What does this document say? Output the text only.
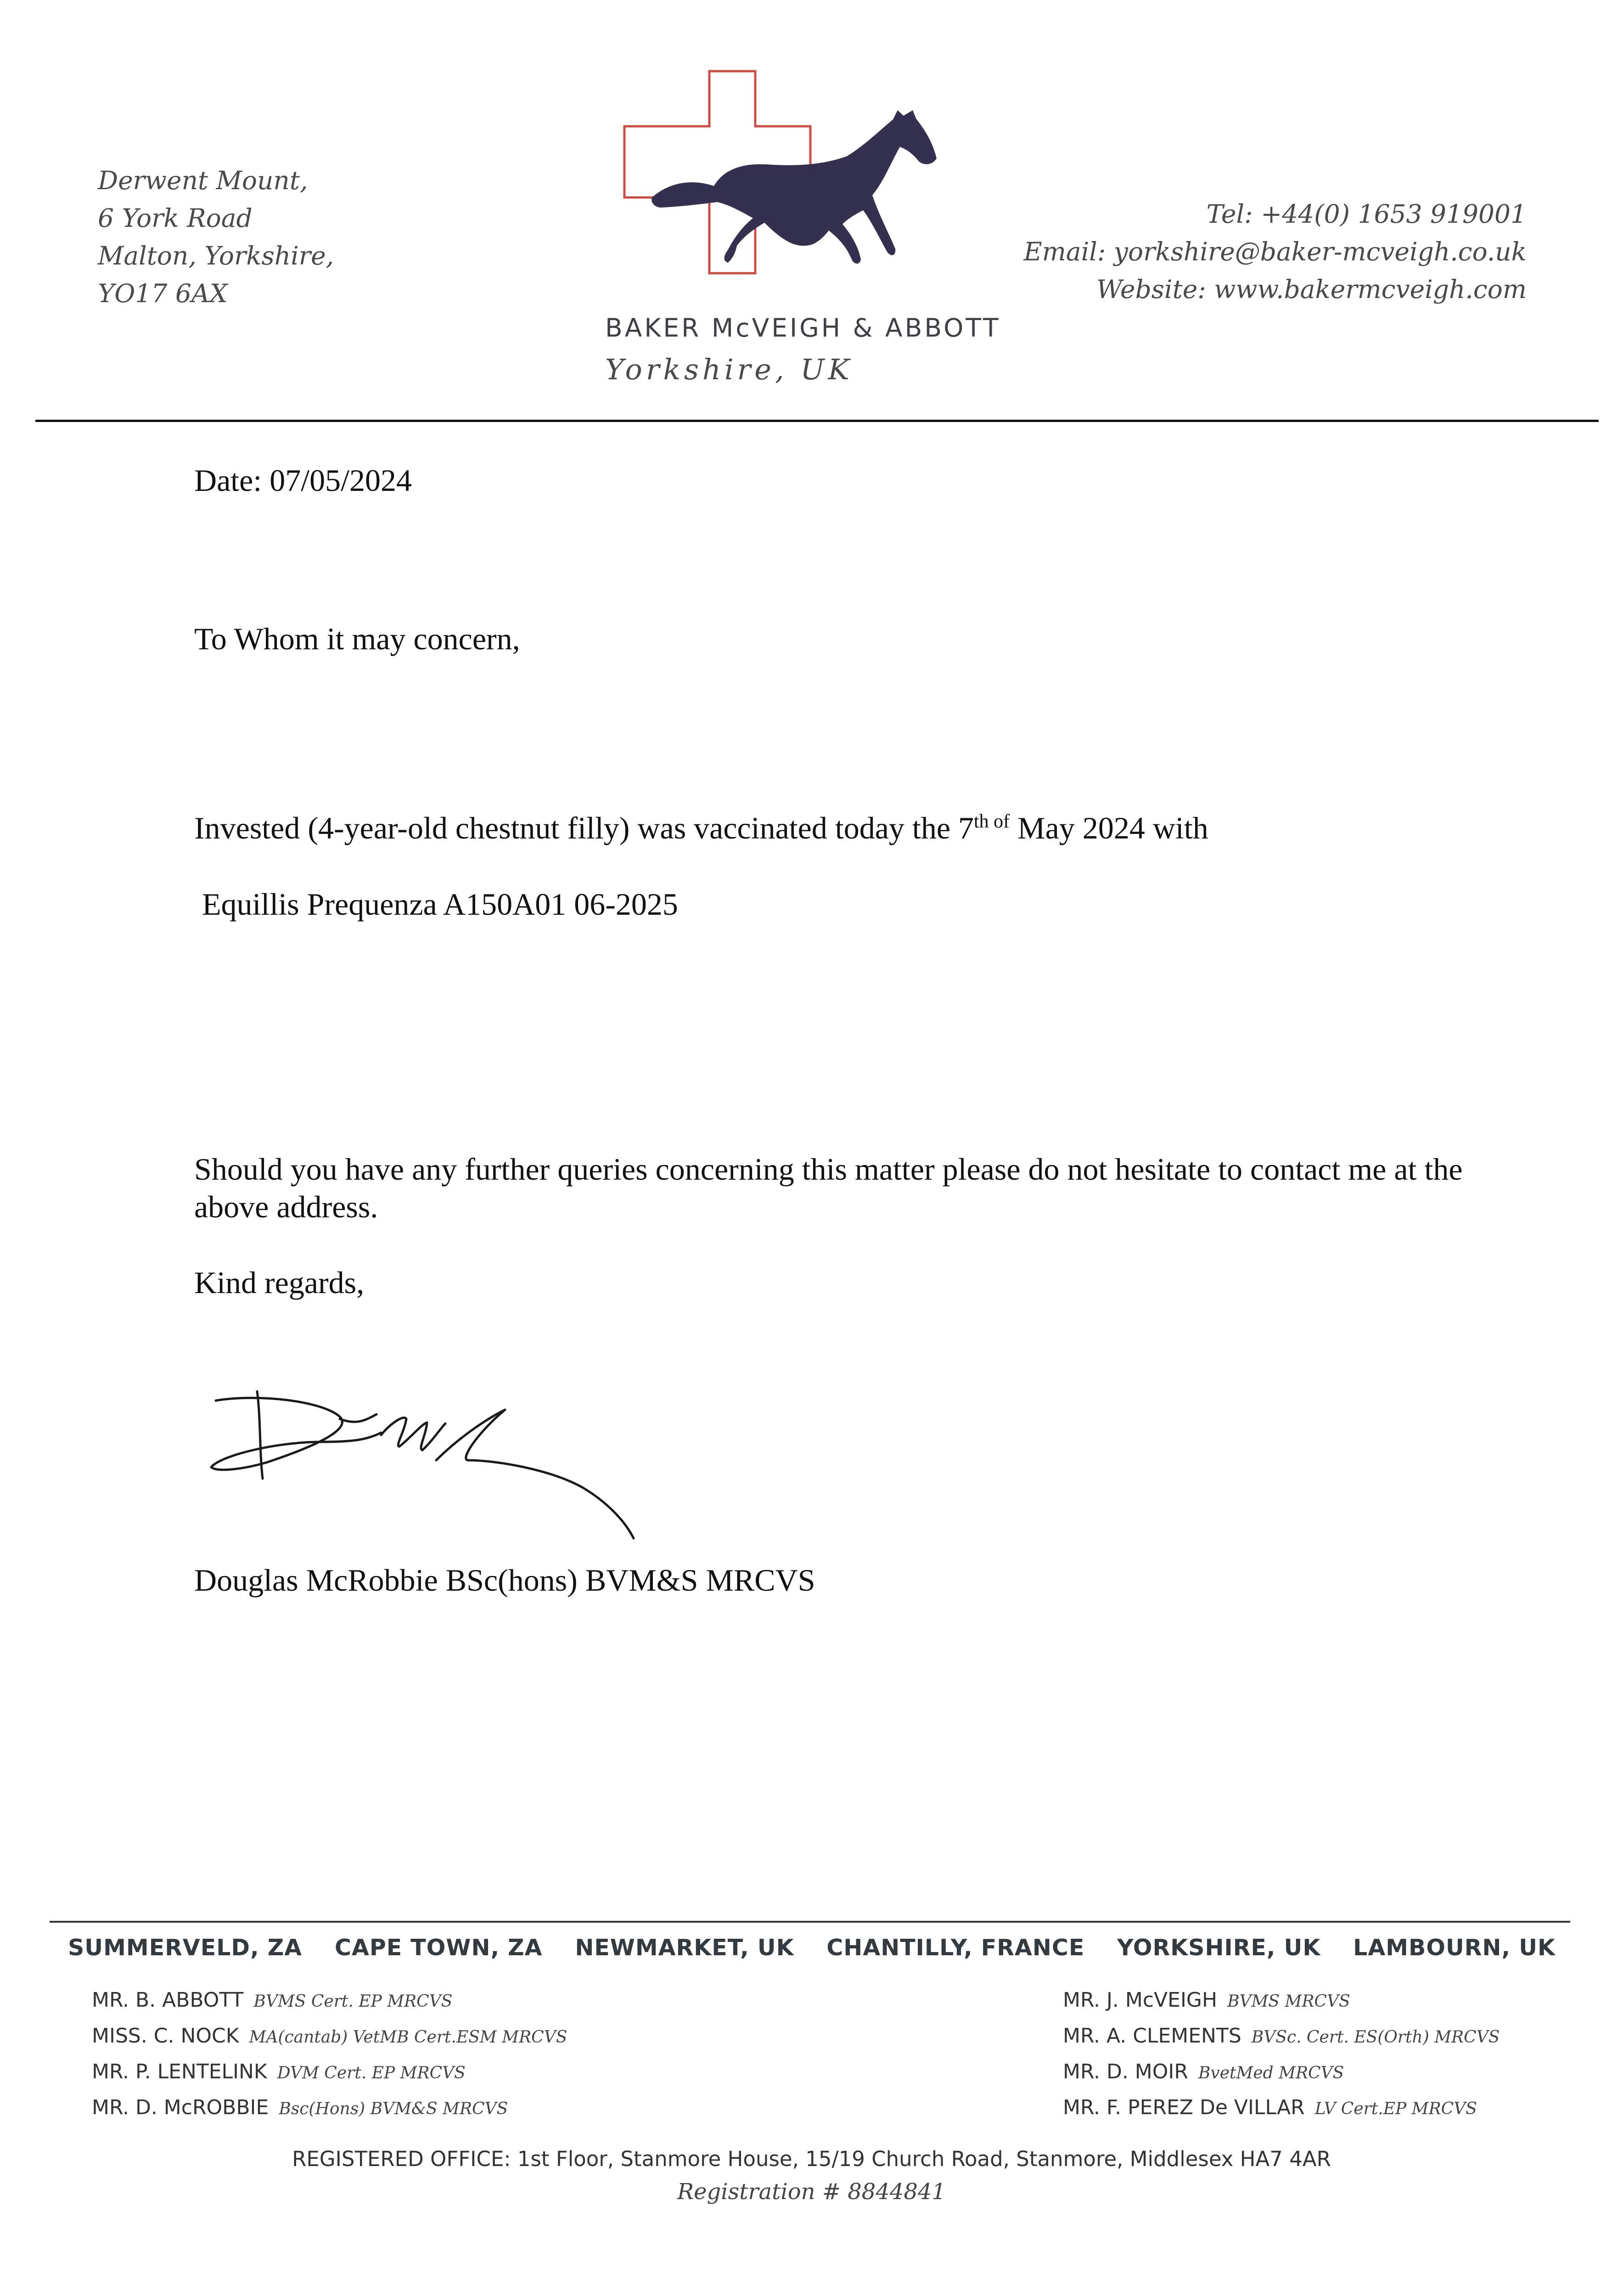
Derwent Mount,
6 York Road
Malton, Yorkshire,
YO17 6AX
BAKER McVEIGH & ABBOTT
Yorkshire, UK
Tel: +44(0) 1653 919001
Email: yorkshire@baker-mcveigh.co.uk
Website: www.bakermcveigh.com
Date: 07/05/2024
To Whom it may concern,
Invested (4-year-old chestnut filly) was vaccinated today the $7^{th of}$ May 2024 with
Equillis Prequenza A150A01 06-2025
Should you have any further queries concerning this matter please do not hesitate to contact me at the above address.
Kind regards,
Douglas McRobbie BSc(hons) BVM&S MRCVS
SUMMERVELD, ZA CAPE TOWN, ZA NEWMARKET, UK CHANTILLY, FRANCE YORKSHIRE, UK LAMBOURN, UK
MR. B. ABBOTT BVMS Cert. EP MRCVS
MISS. C. NOCK MA(cantab) VetMB Cert.ESM MRCVS
MR. P. LENTELINK DVM Cert. EP MRCVS
MR. D. McROBBIE Bsc(Hons) BVM&S MRCVS
MR. J. McVEIGH BVMS MRCVS
MR. A. CLEMENTS BVSc. Cert. ES(Orth) MRCVS
MR. D. MOIR BvetMed MRCVS
MR. F. PEREZ De VILLAR LV Cert.EP MRCVS
REGISTERED OFFICE: 1st Floor, Stanmore House, 15/19 Church Road, Stanmore, Middlesex HA7 4AR
Registration # 8844841
